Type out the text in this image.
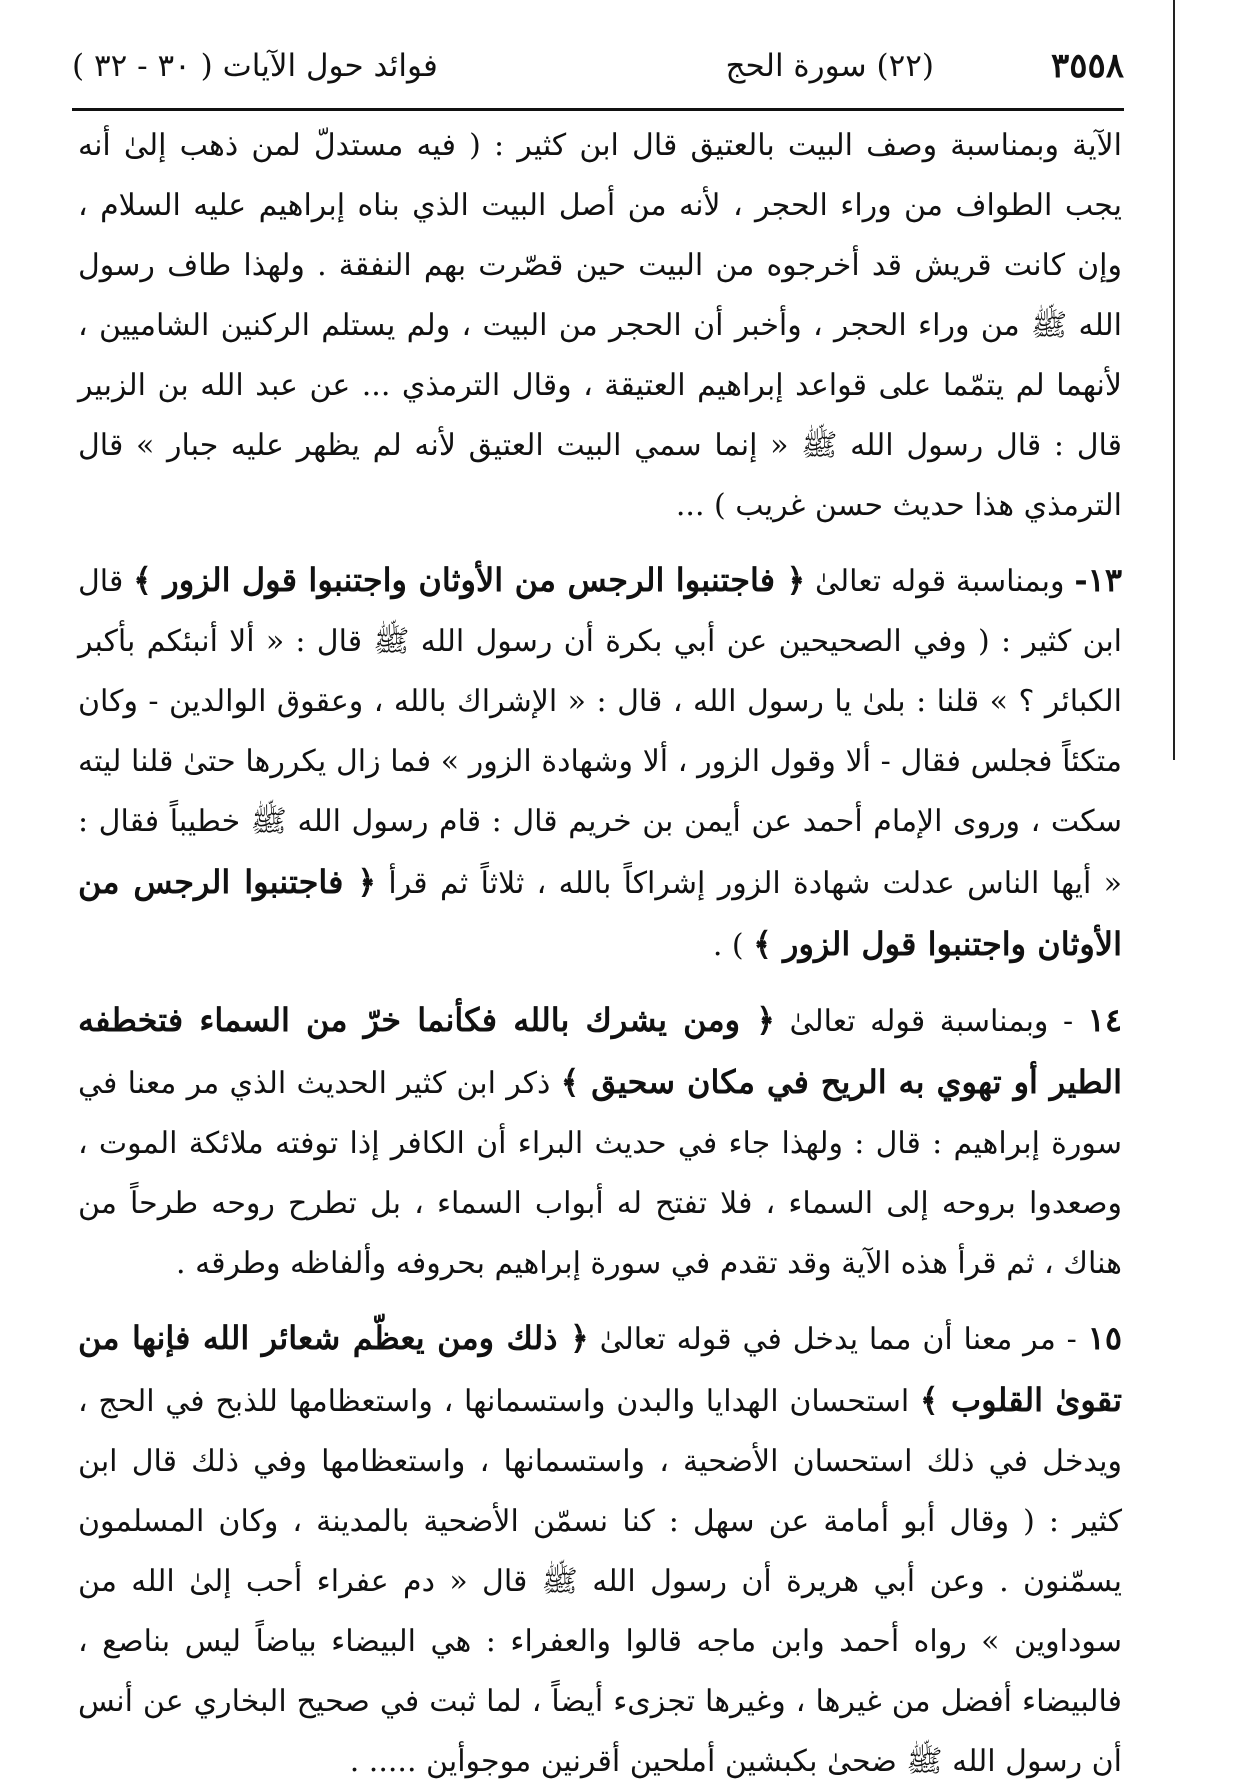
٣٥٥٨
(٢٢) سورة الحج
فوائد حول الآيات ( ٣٠ - ٣٢ )

الآية وبمناسبة وصف البيت بالعتيق قال ابن كثير : ( فيه مستدلّ لمن ذهب إلىٰ أنه يجب الطواف من وراء الحجر ، لأنه من أصل البيت الذي بناه إبراهيم عليه السلام ، وإن كانت قريش قد أخرجوه من البيت حين قصّرت بهم النفقة . ولهذا طاف رسول الله ﷺ من وراء الحجر ، وأخبر أن الحجر من البيت ، ولم يستلم الركنين الشاميين ، لأنهما لم يتمّما على قواعد إبراهيم العتيقة ، وقال الترمذي ... عن عبد الله بن الزبير قال : قال رسول الله ﷺ « إنما سمي البيت العتيق لأنه لم يظهر عليه جبار » قال الترمذي هذا حديث حسن غريب ) ...

١٣- وبمناسبة قوله تعالىٰ ﴿ فاجتنبوا الرجس من الأوثان واجتنبوا قول الزور ﴾ قال ابن كثير : ( وفي الصحيحين عن أبي بكرة أن رسول الله ﷺ قال : « ألا أنبئكم بأكبر الكبائر ؟ » قلنا : بلىٰ يا رسول الله ، قال : « الإشراك بالله ، وعقوق الوالدين - وكان متكئاً فجلس فقال - ألا وقول الزور ، ألا وشهادة الزور » فما زال يكررها حتىٰ قلنا ليته سكت ، وروى الإمام أحمد عن أيمن بن خريم قال : قام رسول الله ﷺ خطيباً فقال : « أيها الناس عدلت شهادة الزور إشراكاً بالله ، ثلاثاً ثم قرأ ﴿ فاجتنبوا الرجس من الأوثان واجتنبوا قول الزور ﴾ ) .

١٤ - وبمناسبة قوله تعالىٰ ﴿ ومن يشرك بالله فكأنما خرّ من السماء فتخطفه الطير أو تهوي به الريح في مكان سحيق ﴾ ذكر ابن كثير الحديث الذي مر معنا في سورة إبراهيم : قال : ولهذا جاء في حديث البراء أن الكافر إذا توفته ملائكة الموت ، وصعدوا بروحه إلى السماء ، فلا تفتح له أبواب السماء ، بل تطرح روحه طرحاً من هناك ، ثم قرأ هذه الآية وقد تقدم في سورة إبراهيم بحروفه وألفاظه وطرقه .

١٥ - مر معنا أن مما يدخل في قوله تعالىٰ ﴿ ذلك ومن يعظّم شعائر الله فإنها من تقوىٰ القلوب ﴾ استحسان الهدايا والبدن واستسمانها ، واستعظامها للذبح في الحج ، ويدخل في ذلك استحسان الأضحية ، واستسمانها ، واستعظامها وفي ذلك قال ابن كثير : ( وقال أبو أمامة عن سهل : كنا نسمّن الأضحية بالمدينة ، وكان المسلمون يسمّنون . وعن أبي هريرة أن رسول الله ﷺ قال « دم عفراء أحب إلىٰ الله من سوداوين » رواه أحمد وابن ماجه قالوا والعفراء : هي البيضاء بياضاً ليس بناصع ، فالبيضاء أفضل من غيرها ، وغيرها تجزىء أيضاً ، لما ثبت في صحيح البخاري عن أنس أن رسول الله ﷺ ضحىٰ بكبشين أملحين أقرنين موجوأين ..... .
